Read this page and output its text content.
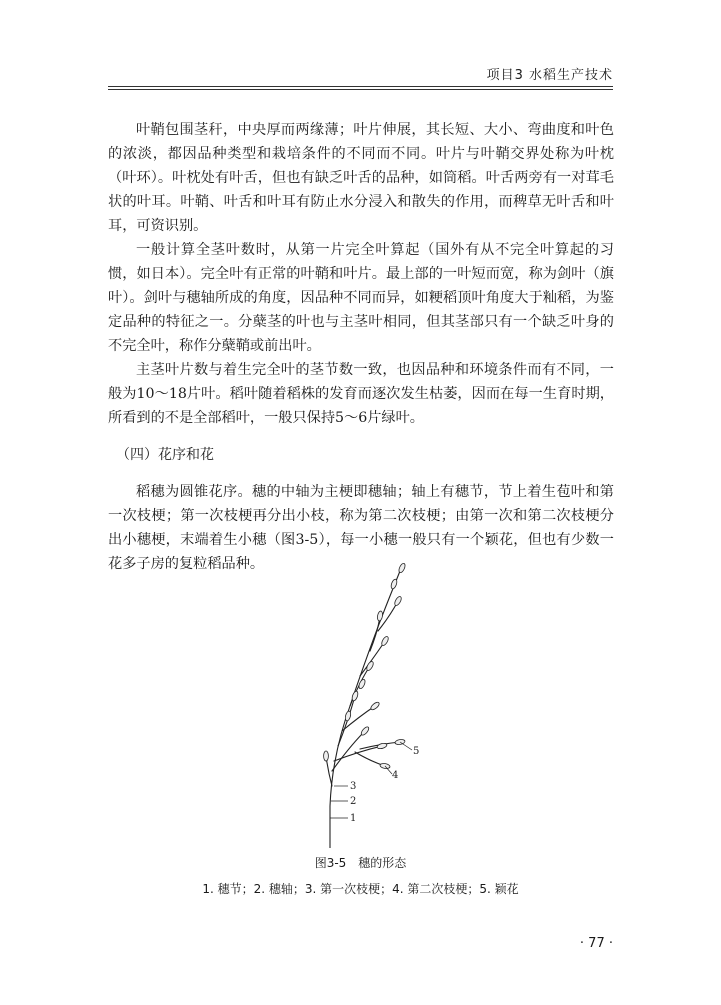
项目3 水稻生产技术

叶鞘包围茎秆，中央厚而两缘薄；叶片伸展，其长短、大小、弯曲度和叶色的浓淡，都因品种类型和栽培条件的不同而不同。叶片与叶鞘交界处称为叶枕（叶环）。叶枕处有叶舌，但也有缺乏叶舌的品种，如筒稻。叶舌两旁有一对茸毛状的叶耳。叶鞘、叶舌和叶耳有防止水分浸入和散失的作用，而稗草无叶舌和叶耳，可资识别。

一般计算全茎叶数时，从第一片完全叶算起（国外有从不完全叶算起的习惯，如日本）。完全叶有正常的叶鞘和叶片。最上部的一叶短而宽，称为剑叶（旗叶）。剑叶与穗轴所成的角度，因品种不同而异，如粳稻顶叶角度大于籼稻，为鉴定品种的特征之一。分蘖茎的叶也与主茎叶相同，但其茎部只有一个缺乏叶身的不完全叶，称作分蘖鞘或前出叶。

主茎叶片数与着生完全叶的茎节数一致，也因品种和环境条件而有不同，一般为10～18片叶。稻叶随着稻株的发育而逐次发生枯萎，因而在每一生育时期，所看到的不是全部稻叶，一般只保持5～6片绿叶。

（四）花序和花

稻穗为圆锥花序。穗的中轴为主梗即穗轴；轴上有穗节，节上着生苞叶和第一次枝梗；第一次枝梗再分出小枝，称为第二次枝梗；由第一次和第二次枝梗分出小穗梗，末端着生小穗（图3-5），每一小穗一般只有一个颖花，但也有少数一花多子房的复粒稻品种。

1
2
3
4
5
图3-5　穗的形态
1. 穗节；2. 穗轴；3. 第一次枝梗；4. 第二次枝梗；5. 颖花
· 77 ·
